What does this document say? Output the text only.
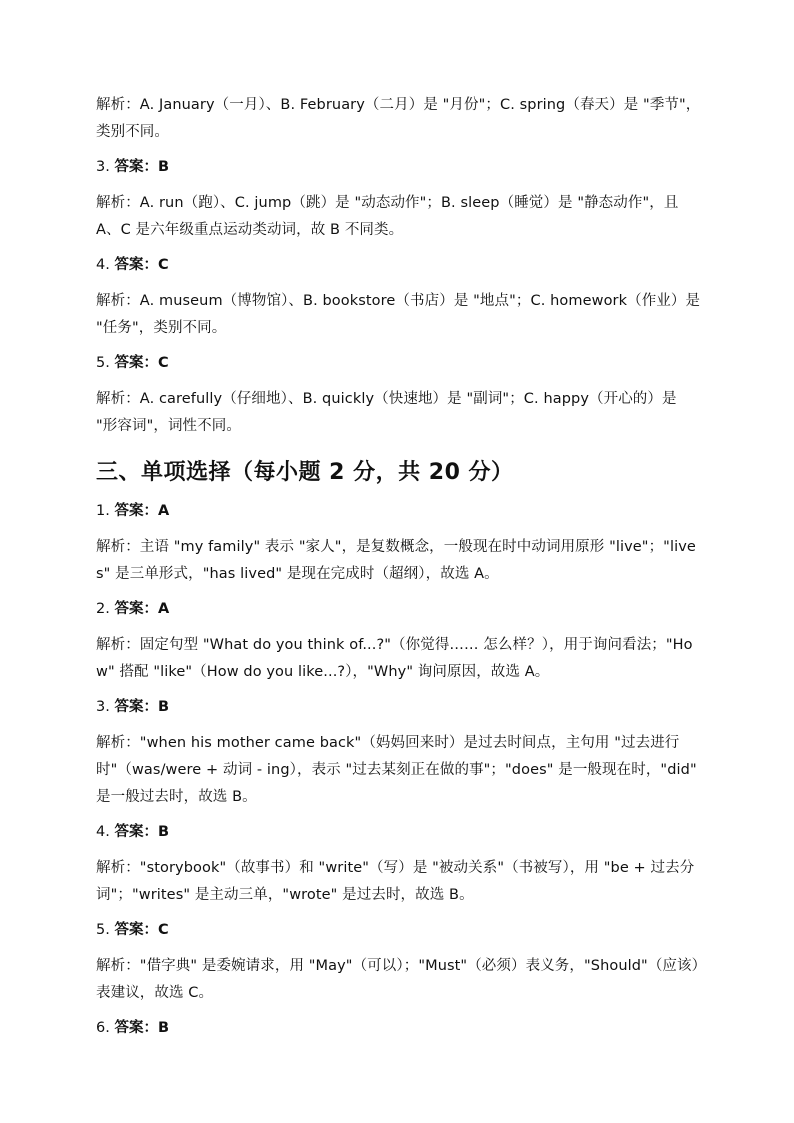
解析：A. January（一月）、B. February（二月）是 "月份"；C. spring（春天）是 "季节"，类别不同。

3. 答案：B

解析：A. run（跑）、C. jump（跳）是 "动态动作"；B. sleep（睡觉）是 "静态动作"，且 A、C 是六年级重点运动类动词，故 B 不同类。

4. 答案：C

解析：A. museum（博物馆）、B. bookstore（书店）是 "地点"；C. homework（作业）是 "任务"，类别不同。

5. 答案：C

解析：A. carefully（仔细地）、B. quickly（快速地）是 "副词"；C. happy（开心的）是 "形容词"，词性不同。

三、单项选择（每小题 2 分，共 20 分）
1. 答案：A

解析：主语 "my family" 表示 "家人"，是复数概念，一般现在时中动词用原形 "live"；"lives" 是三单形式，"has lived" 是现在完成时（超纲），故选 A。

2. 答案：A

解析：固定句型 "What do you think of...?"（你觉得…… 怎么样？），用于询问看法；"How" 搭配 "like"（How do you like...?），"Why" 询问原因，故选 A。

3. 答案：B

解析："when his mother came back"（妈妈回来时）是过去时间点，主句用 "过去进行时"（was/were + 动词 - ing），表示 "过去某刻正在做的事"；"does" 是一般现在时，"did" 是一般过去时，故选 B。

4. 答案：B

解析："storybook"（故事书）和 "write"（写）是 "被动关系"（书被写），用 "be + 过去分词"；"writes" 是主动三单，"wrote" 是过去时，故选 B。

5. 答案：C

解析："借字典" 是委婉请求，用 "May"（可以）；"Must"（必须）表义务，"Should"（应该）表建议，故选 C。

6. 答案：B
